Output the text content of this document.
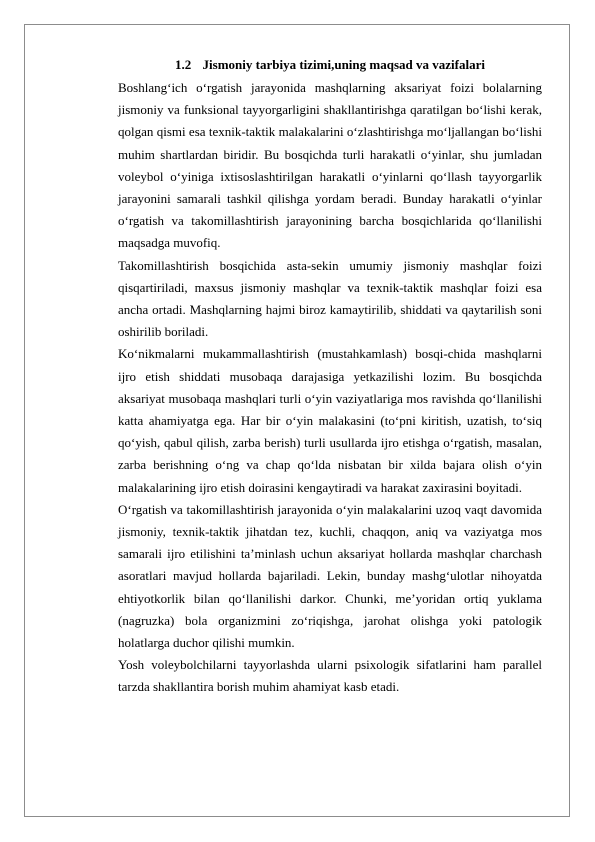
1.2 Jismoniy tarbiya tizimi,uning maqsad va vazifalari

Boshlang‘ich o‘rgatish jarayonida mashqlarning aksariyat foizi bolalarning jismoniy va funksional tayyorgarligini shakllantirishga qaratilgan bo‘lishi kerak, qolgan qismi esa texnik-taktik malakalarini o‘zlashtirishga mo‘ljallangan bo‘lishi muhim shartlardan biridir. Bu bosqichda turli harakatli o‘yinlar, shu jumladan voleybol o‘yiniga ixtisoslashtirilgan harakatli o‘yinlarni qo‘llash tayyorgarlik jarayonini samarali tashkil qilishga yordam beradi. Bunday harakatli o‘yinlar o‘rgatish va takomillashtirish jarayonining barcha bosqichlarida qo‘llanilishi maqsadga muvofiq.

Takomillashtirish bosqichida asta-sekin umumiy jismoniy mashqlar foizi qisqartiriladi, maxsus jismoniy mashqlar va texnik-taktik mashqlar foizi esa ancha ortadi. Mashqlarning hajmi biroz kamaytirilib, shiddati va qaytarilish soni oshirilib boriladi.

Ko‘nikmalarni mukammallashtirish (mustahkamlash) bosqi-chida mashqlarni ijro etish shiddati musobaqa darajasiga yetkazilishi lozim. Bu bosqichda aksariyat musobaqa mashqlari turli o‘yin vaziyatlariga mos ravishda qo‘llanilishi katta ahamiyatga ega. Har bir o‘yin malakasini (to‘pni kiritish, uzatish, to‘siq qo‘yish, qabul qilish, zarba berish) turli usullarda ijro etishga o‘rgatish, masalan, zarba berishning o‘ng va chap qo‘lda nisbatan bir xilda bajara olish o‘yin malakalarining ijro etish doirasini kengaytiradi va harakat zaxirasini boyitadi.

O‘rgatish va takomillashtirish jarayonida o‘yin malakalarini uzoq vaqt davomida jismoniy, texnik-taktik jihatdan tez, kuchli, chaqqon, aniq va vaziyatga mos samarali ijro etilishini ta’minlash uchun aksariyat hollarda mashqlar charchash asoratlari mavjud hollarda bajariladi. Lekin, bunday mashg‘ulotlar nihoyatda ehtiyotkorlik bilan qo‘llanilishi darkor. Chunki, me’yoridan ortiq yuklama (nagruzka) bola organizmini zo‘riqishga, jarohat olishga yoki patologik holatlarga duchor qilishi mumkin.

Yosh voleybolchilarni tayyorlashda ularni psixologik sifatlarini ham parallel tarzda shakllantira borish muhim ahamiyat kasb etadi.
